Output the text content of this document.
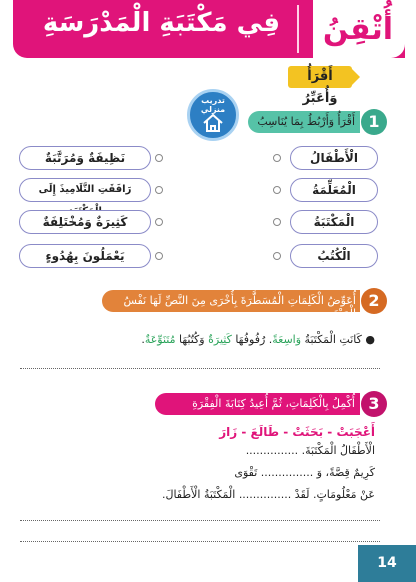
فِي مَكْتَبَةِ الْمَدْرَسَةِ أُتْقِنُ
أَقْرَأُ وَأُعَبِّرُ
تدريب منزلي
1
أَقْرَأُ وَأَرْبُطُ بِمَا يُنَاسِبُ
الْأَطْفَالُ
الْمُعَلِّمَةُ
الْمَكْتَبَةُ
الْكُتُبُ
نَظِيفَةٌ وَمُرَتَّبَةٌ
رَافَقَتِ التَّلَامِيذَ إِلَى
كَثِيرَةٌ وَمُخْتَلِفَةٌ
يَعْمَلُونَ بِهُدُوءٍ
2
أُعَوِّضُ الْكَلِمَاتِ الْمُسَطَّرَةَ بِأُخْرَى مِنَ النَّصِّ لَهَا نَفْسُ الْمَعْنَى
● كَانَتِ الْمَكْتَبَةُ وَاسِعَةً. رُفُوفُهَا كَثِيرَةٌ وَكُتُبُهَا مُتَنَوِّعَةٌ.
3
أُكْمِلُ بِالْكَلِمَاتِ، ثُمَّ أُعِيدُ كِتَابَةَ الْفِقْرَةِ
أَعْجَبَتْ - بَحَثَتْ - طَالَعَ - زَارَ
الْأَطْفَالُ الْمَكْتَبَةَ. ...............
كَرِيمٌ قِصَّةً، وَ ............... تَقْوَى
عَنْ مَعْلُومَاتٍ. لَقَدْ ............... الْمَكْتَبَةُ الْأَطْفَالَ.
14
